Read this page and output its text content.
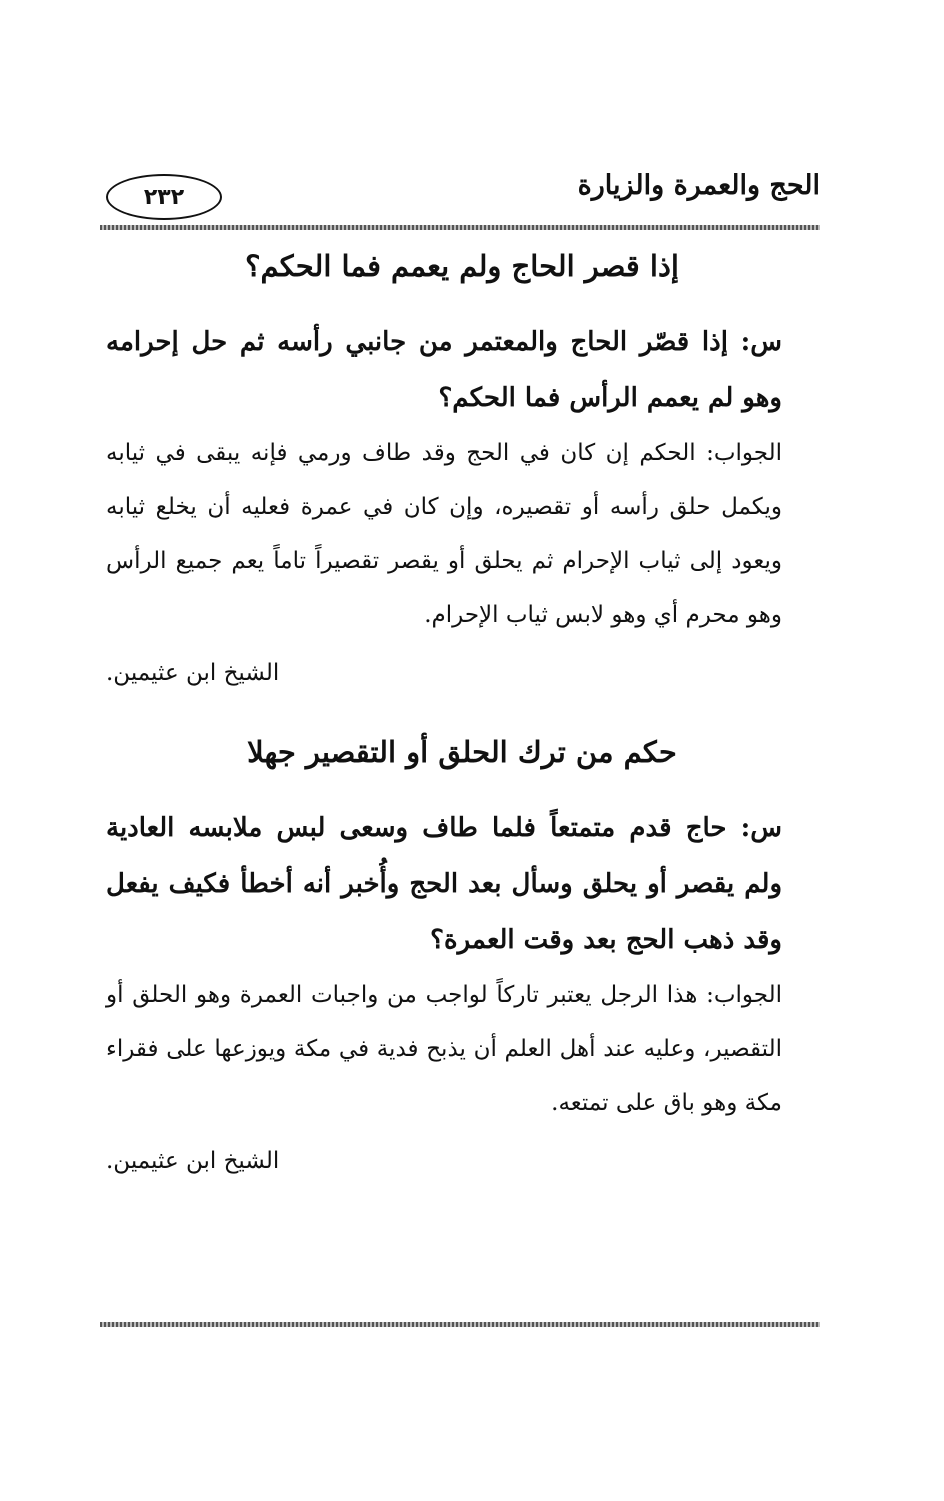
الحج والعمرة والزيارة
٢٣٢
إذا قصر الحاج ولم يعمم فما الحكم؟

س: إذا قصّر الحاج والمعتمر من جانبي رأسه ثم حل إحرامه وهو لم يعمم الرأس فما الحكم؟

الجواب: الحكم إن كان في الحج وقد طاف ورمي فإنه يبقى في ثيابه ويكمل حلق رأسه أو تقصيره، وإن كان في عمرة فعليه أن يخلع ثيابه ويعود إلى ثياب الإحرام ثم يحلق أو يقصر تقصيراً تاماً يعم جميع الرأس وهو محرم أي وهو لابس ثياب الإحرام.

الشيخ ابن عثيمين.

حكم من ترك الحلق أو التقصير جهلا

س: حاج قدم متمتعاً فلما طاف وسعى لبس ملابسه العادية ولم يقصر أو يحلق وسأل بعد الحج وأُخبر أنه أخطأ فكيف يفعل وقد ذهب الحج بعد وقت العمرة؟

الجواب: هذا الرجل يعتبر تاركاً لواجب من واجبات العمرة وهو الحلق أو التقصير، وعليه عند أهل العلم أن يذبح فدية في مكة ويوزعها على فقراء مكة وهو باق على تمتعه.

الشيخ ابن عثيمين.
